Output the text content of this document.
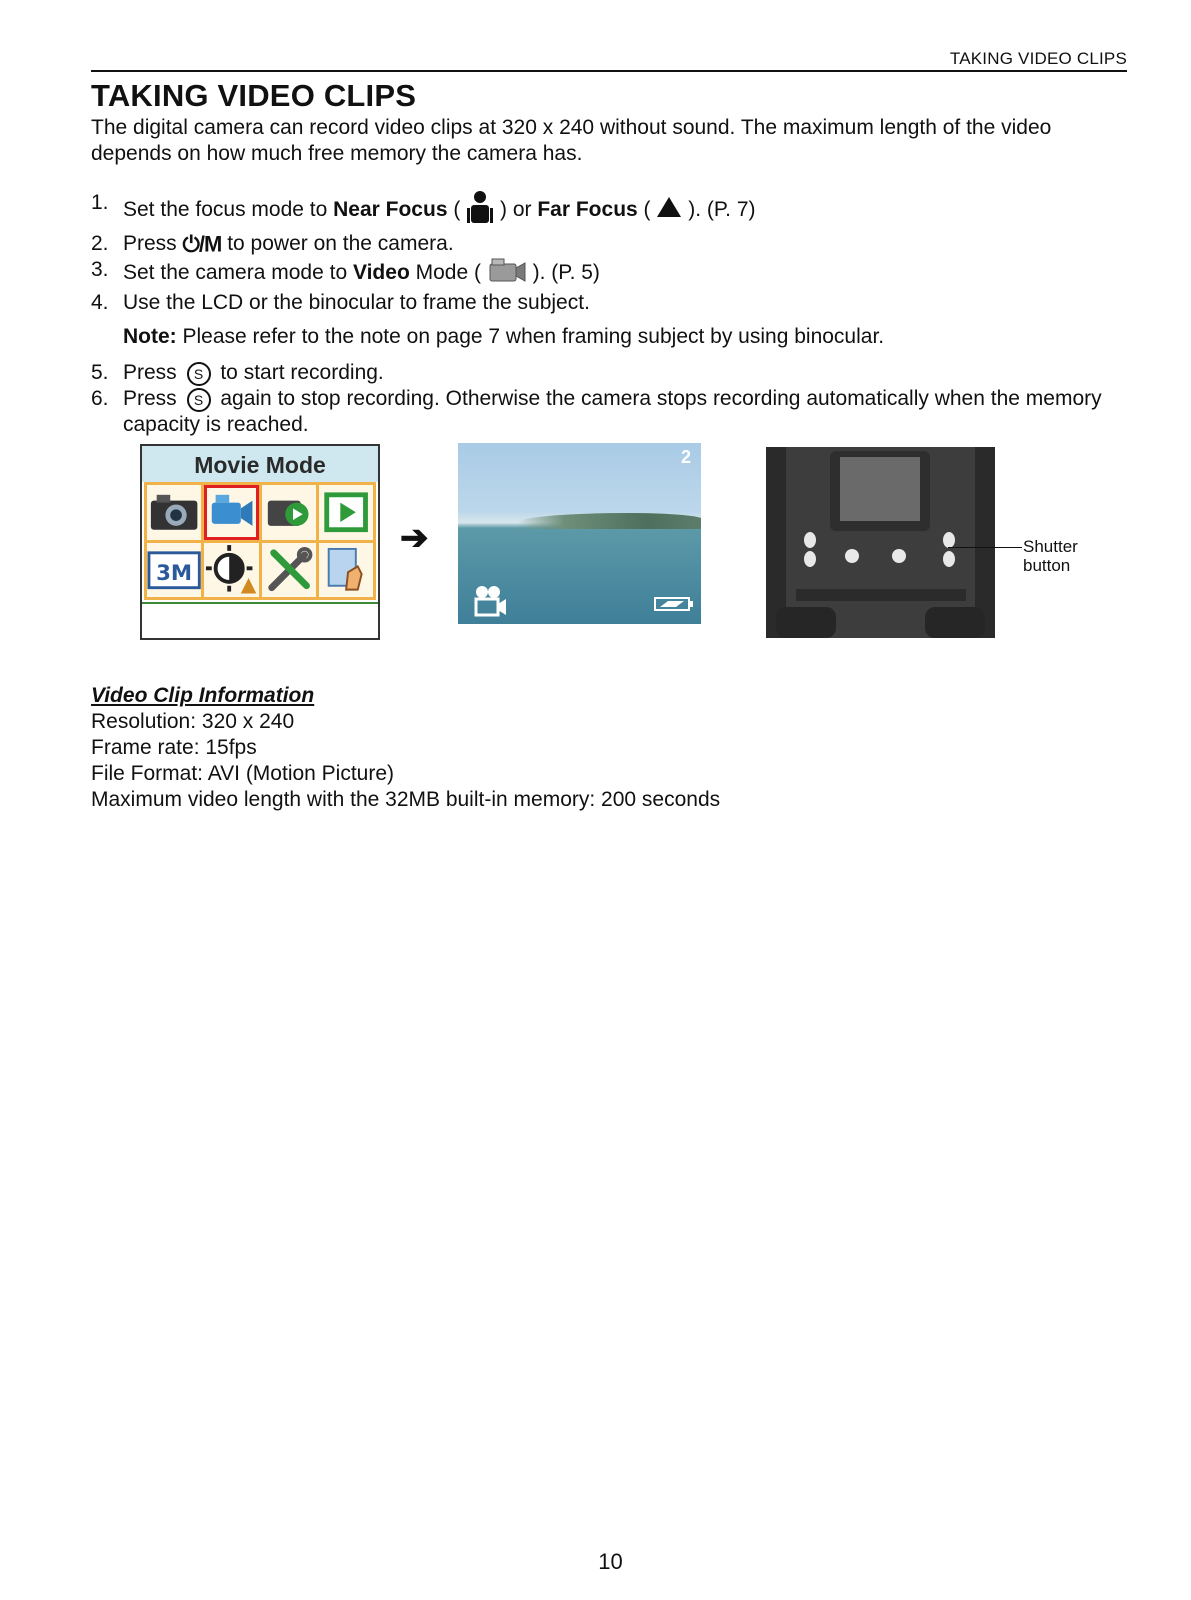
TAKING VIDEO CLIPS
TAKING VIDEO CLIPS

The digital camera can record video clips at 320 x 240 without sound. The maximum length of the video depends on how much free memory the camera has.

1. Set the focus mode to Near Focus (  ) or Far Focus (  ). (P. 7)
2. Press ⏻/M to power on the camera.
3. Set the camera mode to Video Mode (  ). (P. 5)
4. Use the LCD or the binocular to frame the subject.
Note: Please refer to the note on page 7 when framing subject by using binocular.
5. Press S to start recording.
6. Press S again to stop recording. Otherwise the camera stops recording automatically when the memory capacity is reached.
Movie Mode
3M
➔
2
Shutter
button
Video Clip Information
Resolution: 320 x 240
Frame rate: 15fps
File Format: AVI (Motion Picture)
Maximum video length with the 32MB built-in memory: 200 seconds
10
